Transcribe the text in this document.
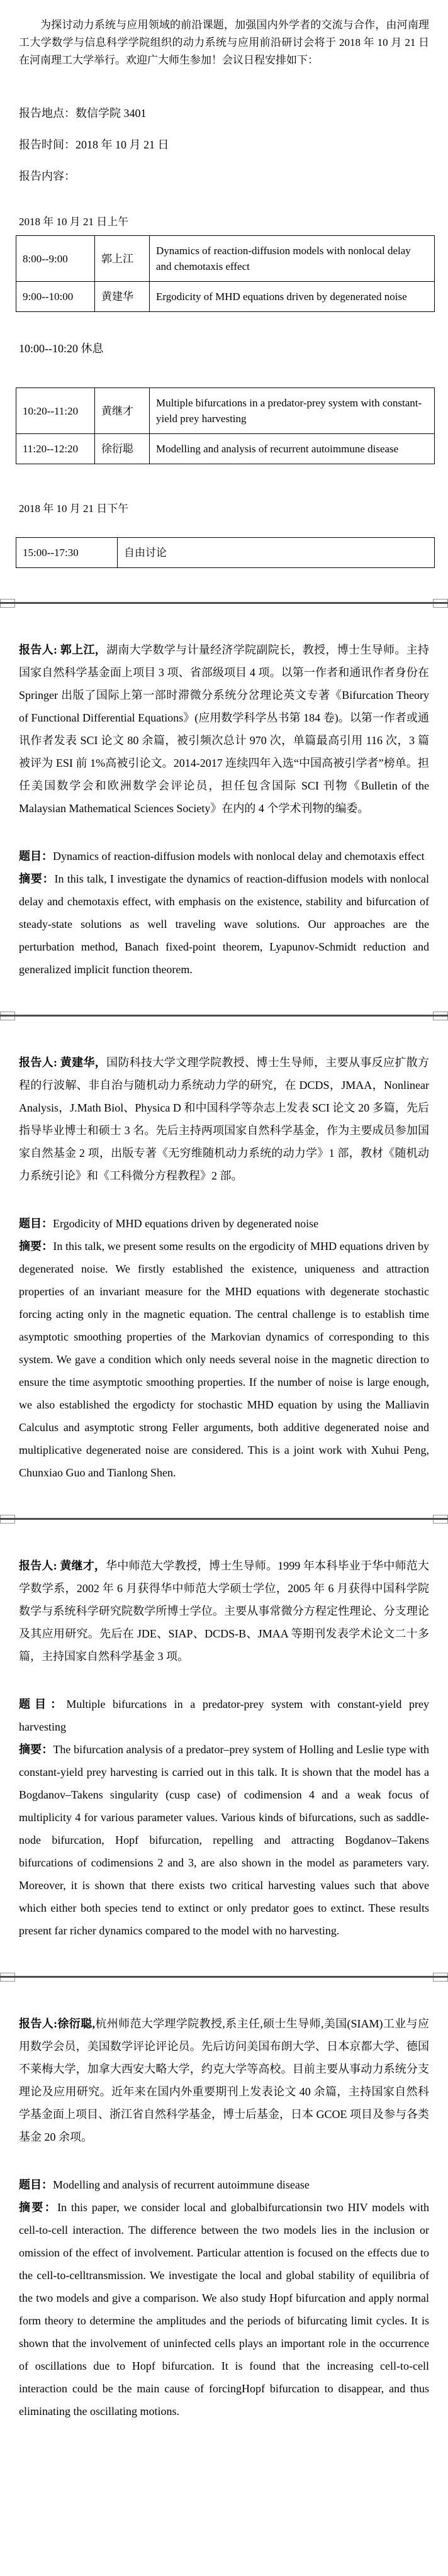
为探讨动力系统与应用领域的前沿课题，加强国内外学者的交流与合作，由河南理工大学数学与信息科学学院组织的动力系统与应用前沿研讨会将于 2018 年 10 月 21 日在河南理工大学举行。欢迎广大师生参加！会议日程安排如下：

报告地点：数信学院 3401

报告时间：2018 年 10 月 21 日

报告内容：

2018 年 10 月 21 日上午
8:00--9:00	郭上江	Dynamics of reaction-diffusion models with nonlocal delay and chemotaxis effect
9:00--10:00	黄建华	Ergodicity of MHD equations driven by degenerated noise

10:00--10:20 休息

10:20--11:20	黄继才	Multiple bifurcations in a predator-prey system with constant-yield prey harvesting
11:20--12:20	徐衍聪	Modelling and analysis of recurrent autoimmune disease
2018 年 10 月 21 日下午
15:00--17:30	自由讨论

报告人: 郭上江，湖南大学数学与计量经济学院副院长，教授，博士生导师。主持国家自然科学基金面上项目 3 项、省部级项目 4 项。以第一作者和通讯作者身份在 Springer 出版了国际上第一部时滞微分系统分岔理论英文专著《Bifurcation Theory of Functional Differential Equations》(应用数学科学丛书第 184 卷)。以第一作者或通讯作者发表 SCI 论文 80 余篇，被引频次总计 970 次，单篇最高引用 116 次，3 篇被评为 ESI 前 1%高被引论文。2014-2017 连续四年入选“中国高被引学者”榜单。担任美国数学会和欧洲数学会评论员，担任包含国际 SCI 刊物《Bulletin of the Malaysian Mathematical Sciences Society》在内的 4 个学术刊物的编委。

题目：Dynamics of reaction-diffusion models with nonlocal delay and chemotaxis effect

摘要：In this talk, I investigate the dynamics of reaction-diffusion models with nonlocal delay and chemotaxis effect, with emphasis on the existence, stability and bifurcation of steady-state solutions as well traveling wave solutions. Our approaches are the perturbation method, Banach fixed-point theorem, Lyapunov-Schmidt reduction and generalized implicit function theorem.

报告人: 黄建华，国防科技大学文理学院教授、博士生导师，主要从事反应扩散方程的行波解、非自治与随机动力系统动力学的研究，在 DCDS，JMAA，Nonlinear Analysis，J.Math Biol、Physica D 和中国科学等杂志上发表 SCI 论文 20 多篇，先后指导毕业博士和硕士 3 名。先后主持两项国家自然科学基金，作为主要成员参加国家自然基金 2 项，出版专著《无穷维随机动力系统的动力学》1 部，教材《随机动力系统引论》和《工科微分方程教程》2 部。

题目：Ergodicity of MHD equations driven by degenerated noise

摘要：In this talk, we present some results on the ergodicity of MHD equations driven by degenerated noise. We firstly established the existence, uniqueness and attraction properties of an invariant measure for the MHD equations with degenerate stochastic forcing acting only in the magnetic equation. The central challenge is to establish time asymptotic smoothing properties of the Markovian dynamics of corresponding to this system. We gave a condition which only needs several noise in the magnetic direction to ensure the time asymptotic smoothing properties. If the number of noise is large enough, we also established the ergodicty for stochastic MHD equation by using the Malliavin Calculus and asymptotic strong Feller arguments, both additive degenerated noise and multiplicative degenerated noise are considered. This is a joint work with Xuhui Peng, Chunxiao Guo and Tianlong Shen.

报告人: 黄继才，华中师范大学教授，博士生导师。1999 年本科毕业于华中师范大学数学系，2002 年 6 月获得华中师范大学硕士学位，2005 年 6 月获得中国科学院数学与系统科学研究院数学所博士学位。主要从事常微分方程定性理论、分支理论及其应用研究。先后在 JDE、SIAP、DCDS-B、JMAA 等期刊发表学术论文二十多篇，主持国家自然科学基金 3 项。

题目：Multiple bifurcations in a predator-prey system with constant-yield prey harvesting

摘要：The bifurcation analysis of a predator–prey system of Holling and Leslie type with constant-yield prey harvesting is carried out in this talk. It is shown that the model has a Bogdanov–Takens singularity (cusp case) of codimension 4 and a weak focus of multiplicity 4 for various parameter values. Various kinds of bifurcations, such as saddle-node bifurcation, Hopf bifurcation, repelling and attracting Bogdanov–Takens bifurcations of codimensions 2 and 3, are also shown in the model as parameters vary. Moreover, it is shown that there exists two critical harvesting values such that above which either both species tend to extinct or only predator goes to extinct. These results present far richer dynamics compared to the model with no harvesting.

报告人:徐衍聪,杭州师范大学理学院教授,系主任,硕士生导师,美国(SIAM)工业与应用数学会员，美国数学评论评论员。先后访问美国布朗大学、日本京都大学、德国不莱梅大学，加拿大西安大略大学，约克大学等高校。目前主要从事动力系统分支理论及应用研究。近年来在国内外重要期刊上发表论文 40 余篇，主持国家自然科学基金面上项目、浙江省自然科学基金，博士后基金，日本 GCOE 项目及参与各类基金 20 余项。

题目：Modelling and analysis of recurrent autoimmune disease

摘要：In this paper, we consider local and globalbifurcationsin two HIV models with cell-to-cell interaction. The difference between the two models lies in the inclusion or omission of the effect of involvement. Particular attention is focused on the effects due to the cell-to-celltransmission. We investigate the local and global stability of equilibria of the two models and give a comparison. We also study Hopf bifurcation and apply normal form theory to determine the amplitudes and the periods of bifurcating limit cycles. It is shown that the involvement of uninfected cells plays an important role in the occurrence of oscillations due to Hopf bifurcation. It is found that the increasing cell-to-cell interaction could be the main cause of forcingHopf bifurcation to disappear, and thus eliminating the oscillating motions.
